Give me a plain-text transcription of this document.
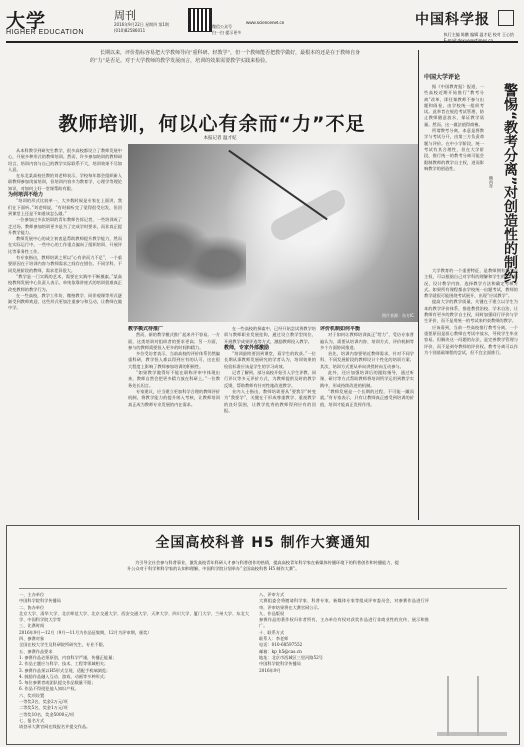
大学
HIGHER EDUCATION
周刊
2016年9月22日 星期四 第1期 (010)82586011
微信公众号
扫一扫 提示更多
www.sciencenet.cn	中国科学报
执行主编 陈鹏 编辑 温才妃 校对 王心怡
长期以来，评价指标容易把大学教师导向“重科研、轻教学”，但一个教师能否把教学做好，最根本的还是在于教师自身的“力”是否足。对于大学教师的教学发展而言，培训的效果需要教学实践来检验。
教师培训，何以心有余而“力”不足
本报记者 温才妃

从本科教学到研究生教学，很多高校都设立了教师发展中心，开展多种形式的教师培训。然而，许多参加培训的教师却坦言，培训内容与自己的教学实际联系不大，培训效果不尽如人意。

在东北某高校任教的刘老师表示，学校每年都会组织新入职教师参加岗前培训，但培训内容多为教育学、心理学等理论知识，对如何上好一堂课帮助有限。

为何培训不给力

“培训的形式比较单一，大多数时候是专家在上面讲，我们在下面听。”刘老师说，“有时候听完了觉得很受启发，但回到课堂上还是不知道该怎么做。”

一位参加过多次培训的青年教师告诉记者，一些培训成了走过场，教师参加培训更多是为了完成学时要求，而非真正提升教学能力。

教师发展中心的成立初衷是帮助教师提升教学能力，然而在实际运行中，一些中心的工作重点偏向了组织培训、开展评比等事务性工作。

有专家指出，教师培训之所以“心有余而力不足”，一个重要原因在于培训内容与教师需求之间存在错位。不同学科、不同发展阶段的教师，需求差异很大。

“教学是一门实践的艺术，需要在实践中不断摸索。”某高校教师发展中心负责人表示，单纯依靠讲座式的培训很难真正改变教师的教学行为。

在一些高校，教学工作坊、微格教学、同伴观课等形式逐渐受到教师欢迎，这些形式更加注重参与和互动，让教师在做中学。

图片来源：东方IC

教学模式待推广

然而，新的教学模式推广起来并不容易。一方面，这类培训对组织者的要求更高；另一方面，参与的教师需要投入更多的时间和精力。

多位受访者表示，当前高校的评价体系仍然偏重科研，教学投入难以得到应有的认可，这在很大程度上影响了教师参加培训的积极性。

“如果教学做得好不能在职称评审中体现出来，教师自然会把更多精力放在科研上。”一位教务处长坦言。

专家建议，应当建立更加科学合理的教师评价机制，将教学能力的提升纳入考核，让教师培训真正成为教师专业发展的内在需求。

在一些高校的探索中，已经开始尝试将教学培训与教师职业发展挂钩，通过设立教学型岗位、开展教学成果评选等方式，激励教师投入教学。

教师，专家外部激励

“培训最终要回到课堂，看学生的收获。”一位长期从事教师发展研究的学者认为，培训效果的检验标准应该是学生的学习成效。

记者了解到，部分高校开始引入学生评教、同行评议等多元评价方式，为教师提供及时的教学反馈，帮助教师有针对性地改进教学。

业内人士指出，教师培训要从“要我学”转变为“我要学”，关键在于形成尊重教学、重视教学的良好氛围，让教学优秀的教师得到应有的回报。

评价机制如何平衡

对于如何让教师培训真正“给力”，受访专家普遍认为，需要从培训内容、培训方式、评价机制等多个方面协同推进。

首先，培训内容要贴近教师需求，针对不同学科、不同发展阶段的教师设计个性化的培训方案；其次，培训方式要从单向讲授转向互动参与。

此外，还应加强培训后的跟踪指导，通过听课、研讨等方式帮助教师将培训所学运用到教学实践中，形成持续改进的机制。

“教师发展是一个长期的过程，不可能一蹴而就。”有专家表示，只有让教师真正感受到培训的价值，培训才能真正发挥作用。

中国大学评论
警惕“教考分离”对创造性的制约
熊丙奇

据《中国教育报》报道，一些高校近期开始推行“教考分离”改革，即任课教师不参与出题和阅卷，由学校统一组织考试。此举旨在规范考试管理，防止教师随意放水，保证教学质量。然而，这一做法值得商榷。

所谓教考分离，本意是将教学与考试分开，由第三方负责命题与评价。在中小学阶段，统一考试有其合理性，但在大学阶段，推行统一的教考分离可能会限制教师的教学自主权，进而影响教学的创造性。

大学教育的一个重要特征，是教师拥有教学自主权，可以根据自己对学科的理解和学生的实际情况，设计教学内容、选择教学方法和确定考核方式。如果所有课程都由学校统一出题考试，教师的教学就很可能围绕考试展开，出现“应试教学”。

提高大学的教学质量，关键在于建立以学生为本的教学评价体系，推进教授治校、学术自治，让教师有更多的教学自主权，同时加强同行评价与学生评价，而不是用统一的考试来约束教师的教学。

应该看到，当前一些高校推行教考分离，一个重要原因是担心教师在考试中放水，导致学生毕业容易。但解决这一问题的办法，是完善教学管理与评价，而不是剥夺教师的评价权。教考分离可以作为个别基础课程的尝试，但不宜全面推行。

全国高校科普 H5 制作大赛通知
为引导全社会参与科普事业，激发高校青年科研人才参与科普创作的热情，提高高校青年科学家在新媒体传播环境下的科普创作和传播能力，提升公众对于科学和科学家的认知和理解，中国科学院计划举办“全国高校科普 H5 制作大赛”。

一、主办单位

中国科学院科学传播局

二、协办单位

北京大学、清华大学、北京师范大学、北京交通大学、西安交通大学、天津大学、四川大学、厦门大学、兰州大学、东北大学、中国科学院大学等

三、比赛时间

2016年9月—12月（9月—11月为作品征集期，12月为评审期，颁奖）

四、参赛对象

全国在校大学生及科研院所研究生，专业不限。

五、参赛作品要求

1. 参赛作品必须原创，内容科学严谨，传播正能量；

2. 作品主题应与科学、技术、工程等领域相关；

3. 参赛作品须以H5形式呈现，适配手机端浏览；

4. 鼓励作品融入互动、游戏、动画等多种形式；

5. 每位参赛者或团队提交作品数量不限；

6. 作品不得侵犯他人知识产权。

六、奖项设置

一等奖3名，奖金2万元/项

二等奖5名，奖金1万元/项

三等奖10名，奖金5000元/项

七、报名方式

请登录大赛官网在线报名并提交作品。

八、评审方式

大赛组委会将邀请科学家、科普专家、新媒体专家等组成评审委员会，对参赛作品进行评审，评审结果将在大赛官网公示。

九、作品版权

参赛作品的著作权归作者所有，主办单位有权对获奖作品进行非商业性的宣传、展示和推广。

十、联系方式

联系人：李老师

电话：010-68597552

邮箱：kp_h5@cas.cn

地址：北京市西城区三里河路52号

中国科学院科学传播局

2016年9月
